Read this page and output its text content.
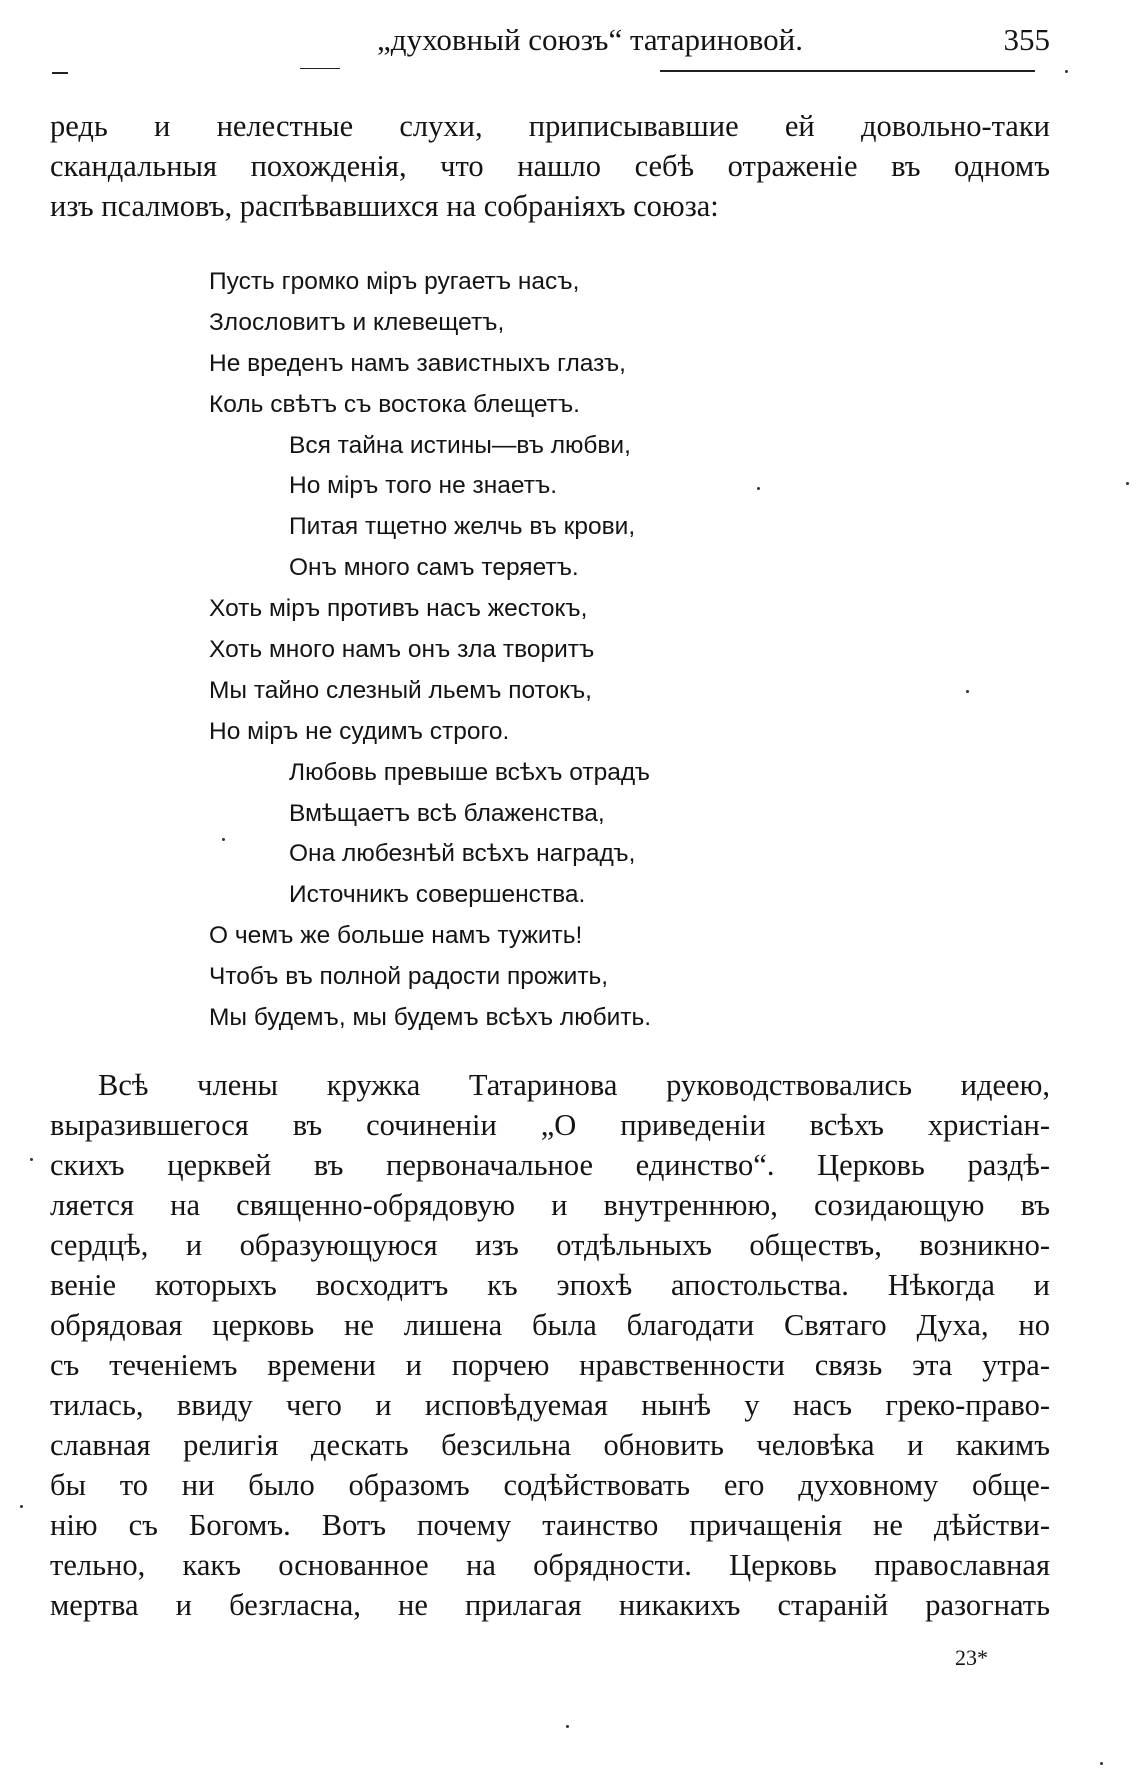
„духовный союзъ“ татариновой.	355
редь и нелестные слухи, приписывавшие ей довольно-таки
скандальныя похожденія, что нашло себѣ отраженіе въ одномъ
изъ псалмовъ, распѣвавшихся на собраніяхъ союза:
Пусть громко міръ ругаетъ насъ,
Злословитъ и клевещетъ,
Не вреденъ намъ завистныхъ глазъ,
Коль свѣтъ съ востока блещетъ.
Вся тайна истины—въ любви,
Но міръ того не знаетъ.
Питая тщетно желчь въ крови,
Онъ много самъ теряетъ.
Хоть міръ противъ насъ жестокъ,
Хоть много намъ онъ зла творитъ
Мы тайно слезный льемъ потокъ,
Но міръ не судимъ строго.
Любовь превыше всѣхъ отрадъ
Вмѣщаетъ всѣ блаженства,
Она любезнѣй всѣхъ наградъ,
Источникъ совершенства.
О чемъ же больше намъ тужить!
Чтобъ въ полной радости прожить,
Мы будемъ, мы будемъ всѣхъ любить.
Всѣ члены кружка Татаринова руководствовались идеею,
выразившегося въ сочиненіи „О приведеніи всѣхъ христіан-
скихъ церквей въ первоначальное единство“. Церковь раздѣ-
ляется на священно-обрядовую и внутреннюю, созидающую въ
сердцѣ, и образующуюся изъ отдѣльныхъ обществъ, возникно-
веніе которыхъ восходитъ къ эпохѣ апостольства. Нѣкогда и
обрядовая церковь не лишена была благодати Святаго Духа, но
съ теченіемъ времени и порчею нравственности связь эта утра-
тилась, ввиду чего и исповѣдуемая нынѣ у насъ греко-право-
славная религія дескать безсильна обновить человѣка и какимъ
бы то ни было образомъ содѣйствовать его духовному обще-
нію съ Богомъ. Вотъ почему таинство причащенія не дѣйстви-
тельно, какъ основанное на обрядности. Церковь православная
мертва и безгласна, не прилагая никакихъ стараній разогнать
23*
